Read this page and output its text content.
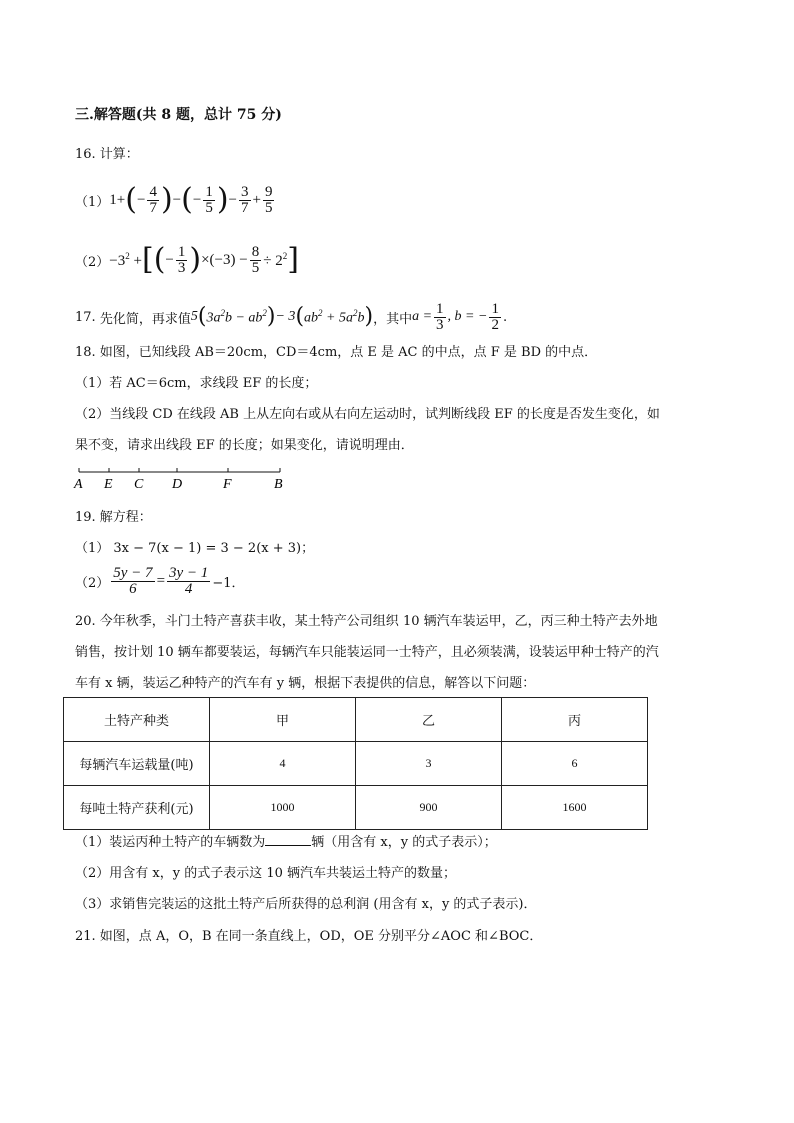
三.解答题(共 8 题，总计 75 分)
16. 计算：
（1） 1+ ( − $\frac{4}{7}$ ) − ( − $\frac{1}{5}$ ) − $\frac{3}{7} + \frac{9}{5}$
$(2) -3^2$ + [ ( − $\frac{1}{3}$ ) $\times(-3) - \frac{8}{5} \div 2^2$ ]
17.
先化简，再求值 5 ( $3a^2b - ab^2$ ) − 3 ( $ab^2 + 5a^2b$ ) ，其中 $a = \frac{1}{3}$ , b = − $\frac{1}{2}$ .
18. 如图，已知线段 AB＝20cm，CD＝4cm，点 E 是 AC 的中点，点 F 是 BD 的中点．
（1）若 AC＝6cm，求线段 EF 的长度；
（2）当线段 CD 在线段 AB 上从左向右或从右向左运动时，试判断线段 EF 的长度是否发生变化，如
果不变，请求出线段 EF 的长度；如果变化，请说明理由．
A E C D	F	B
19. 解方程：
（1） 3x − 7(x − 1) = 3 − 2(x + 3)；
$(2) \frac{5y - 7}{6} = \frac{3y - 1}{4} -1$．
20. 今年秋季，斗门土特产喜获丰收，某土特产公司组织 10 辆汽车装运甲，乙，丙三种土特产去外地
销售，按计划 10 辆车都要装运，每辆汽车只能装运同一士特产，且必须装满，设装运甲种士特产的汽
车有 x 辆，装运乙种特产的汽车有 y 辆，根据下表提供的信息，解答以下问题：
土特产种类	甲	乙	丙
每辆汽车运载量(吨)	4	3	6
每吨土特产获利(元)	1000	900	1600
（1）装运丙种土特产的车辆数为	辆（用含有 x，y 的式子表示）；
（2）用含有 x，y 的式子表示这 10 辆汽车共装运土特产的数量；
（3）求销售完装运的这批土特产后所获得的总利润 (用含有 x，y 的式子表示)．
21. 如图，点 A，O，B 在同一条直线上，OD，OE 分别平分∠AOC 和∠BOC．
